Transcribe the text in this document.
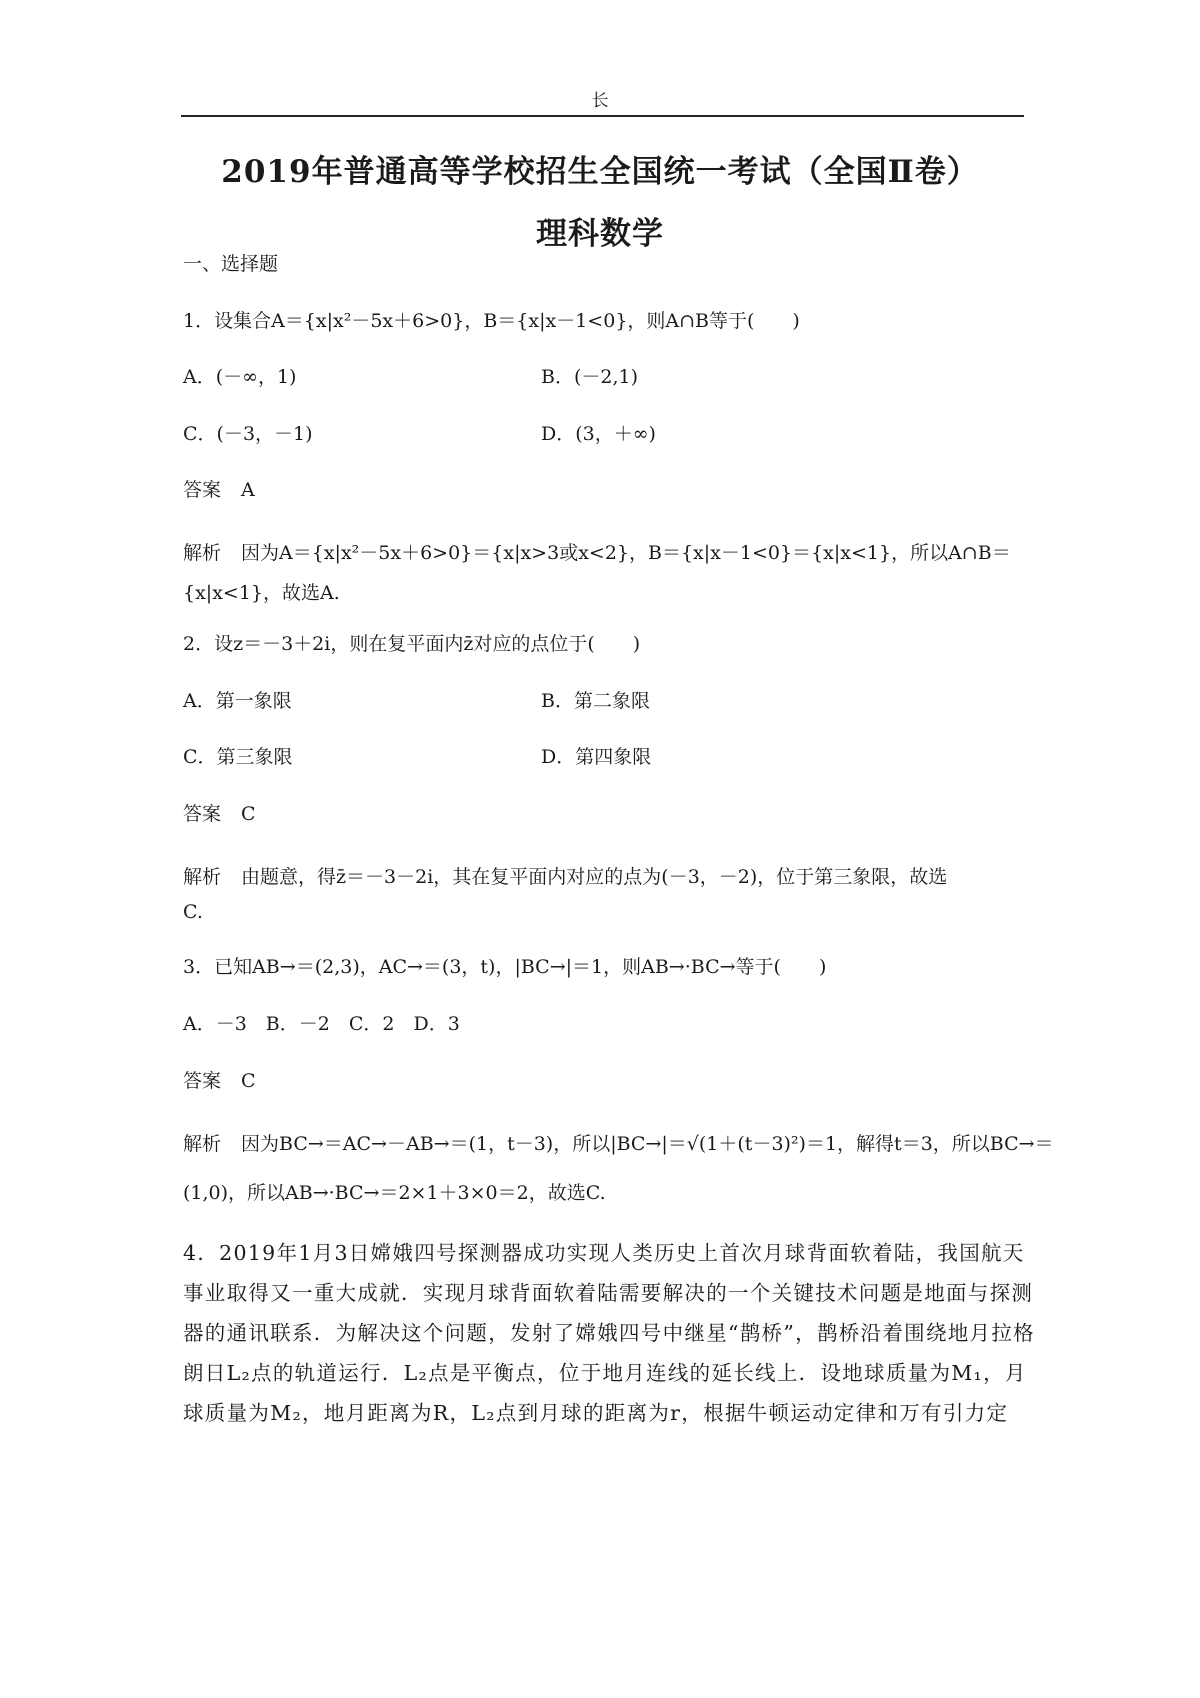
长
2019年普通高等学校招生全国统一考试（全国Ⅱ卷）
理科数学
一、选择题
1．设集合A＝{x|x²－5x＋6>0}，B＝{x|x－1<0}，则A∩B等于(　　)
A．(－∞，1)	B．(－2,1)
C．(－3，－1)	D．(3，＋∞)
答案 A
解析 因为A＝{x|x²－5x＋6>0}＝{x|x>3或x<2}，B＝{x|x－1<0}＝{x|x<1}，所以A∩B＝
{x|x<1}，故选A.
2．设z＝－3＋2i，则在复平面内z̄对应的点位于(　　)
A．第一象限	B．第二象限
C．第三象限	D．第四象限
答案 C
解析 由题意，得z̄＝－3－2i，其在复平面内对应的点为(－3，－2)，位于第三象限，故选
C.
3．已知AB→＝(2,3)，AC→＝(3，t)，|BC→|＝1，则AB→·BC→等于(　　)
A．－3　B．－2　C．2　D．3
答案 C
解析 因为BC→＝AC→－AB→＝(1，t－3)，所以|BC→|＝√(1＋(t－3)²)＝1，解得t＝3，所以BC→＝
(1,0)，所以AB→·BC→＝2×1＋3×0＝2，故选C.
4．2019年1月3日嫦娥四号探测器成功实现人类历史上首次月球背面软着陆，我国航天
事业取得又一重大成就．实现月球背面软着陆需要解决的一个关键技术问题是地面与探测
器的通讯联系．为解决这个问题，发射了嫦娥四号中继星“鹊桥”，鹊桥沿着围绕地月拉格
朗日L₂点的轨道运行．L₂点是平衡点，位于地月连线的延长线上．设地球质量为M₁，月
球质量为M₂，地月距离为R，L₂点到月球的距离为r，根据牛顿运动定律和万有引力定
